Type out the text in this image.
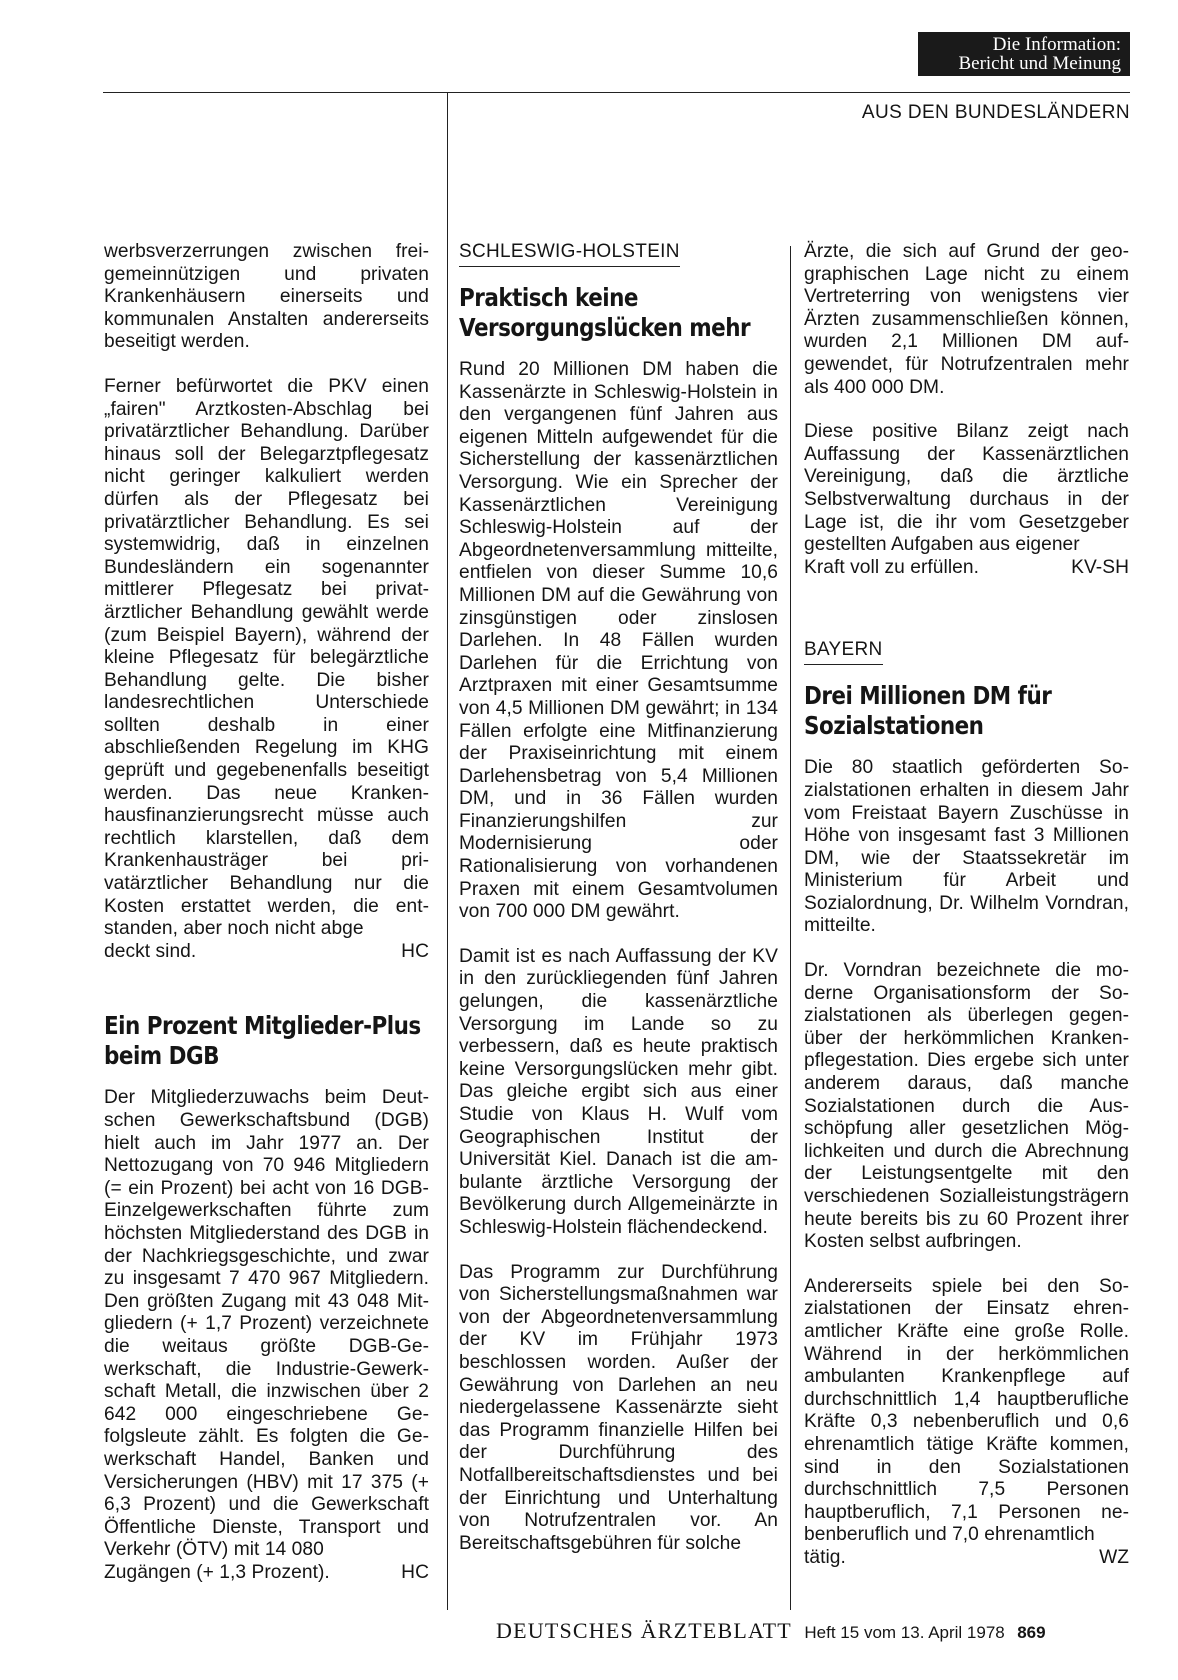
Die Information:
Bericht und Meinung
AUS DEN BUNDESLÄNDERN

werbsverzerrungen zwischen freigemeinnützigen und privaten Krankenhäusern einerseits und kommunalen Anstalten andererseits beseitigt werden.

Ferner befürwortet die PKV einen „fairen" Arztkosten-Abschlag bei privatärztlicher Behandlung. Darüber hinaus soll der Belegarztpflegesatz nicht geringer kalkuliert werden dürfen als der Pflegesatz bei privatärztlicher Behandlung. Es sei systemwidrig, daß in einzelnen Bundesländern ein sogenannter mittlerer Pflegesatz bei privatärztlicher Behandlung gewählt werde (zum Beispiel Bayern), während der kleine Pflegesatz für belegärztliche Behandlung gelte. Die bisher landesrechtlichen Unterschiede sollten deshalb in einer abschließenden Regelung im KHG geprüft und gegebenenfalls beseitigt werden. Das neue Krankenhausfinanzierungsrecht müsse auch rechtlich klarstellen, daß dem Krankenhausträger bei privatärztlicher Behandlung nur die Kosten erstattet werden, die entstanden, aber noch nicht abge

deckt sind.	HC

Ein Prozent Mitglieder-Plus beim DGB

Der Mitgliederzuwachs beim Deutschen Gewerkschaftsbund (DGB) hielt auch im Jahr 1977 an. Der Nettozugang von 70 946 Mitgliedern (= ein Prozent) bei acht von 16 DGB-Einzelgewerkschaften führte zum höchsten Mitgliederstand des DGB in der Nachkriegsgeschichte, und zwar zu insgesamt 7 470 967 Mitgliedern. Den größten Zugang mit 43 048 Mitgliedern (+ 1,7 Prozent) verzeichnete die weitaus größte DGB-Gewerkschaft, die Industrie-Gewerkschaft Metall, die inzwischen über 2 642 000 eingeschriebene Gefolgsleute zählt. Es folgten die Gewerkschaft Handel, Banken und Versicherungen (HBV) mit 17 375 (+ 6,3 Prozent) und die Gewerkschaft Öffentliche Dienste, Transport und Verkehr (ÖTV) mit 14 080

Zugängen (+ 1,3 Prozent).	HC

SCHLESWIG-HOLSTEIN
Praktisch keine Versorgungslücken mehr

Rund 20 Millionen DM haben die Kassenärzte in Schleswig-Holstein in den vergangenen fünf Jahren aus eigenen Mitteln aufgewendet für die Sicherstellung der kassenärztlichen Versorgung. Wie ein Sprecher der Kassenärztlichen Vereinigung Schleswig-Holstein auf der Abgeordnetenversammlung mitteilte, entfielen von dieser Summe 10,6 Millionen DM auf die Gewährung von zinsgünstigen oder zinslosen Darlehen. In 48 Fällen wurden Darlehen für die Errichtung von Arztpraxen mit einer Gesamtsumme von 4,5 Millionen DM gewährt; in 134 Fällen erfolgte eine Mitfinanzierung der Praxiseinrichtung mit einem Darlehensbetrag von 5,4 Millionen DM, und in 36 Fällen wurden Finanzierungshilfen zur Modernisierung oder Rationalisierung von vorhandenen Praxen mit einem Gesamtvolumen von 700 000 DM gewährt.

Damit ist es nach Auffassung der KV in den zurückliegenden fünf Jahren gelungen, die kassenärztliche Versorgung im Lande so zu verbessern, daß es heute praktisch keine Versorgungslücken mehr gibt. Das gleiche ergibt sich aus einer Studie von Klaus H. Wulf vom Geographischen Institut der Universität Kiel. Danach ist die ambulante ärztliche Versorgung der Bevölkerung durch Allgemeinärzte in Schleswig-Holstein flächendeckend.

Das Programm zur Durchführung von Sicherstellungsmaßnahmen war von der Abgeordnetenversammlung der KV im Frühjahr 1973 beschlossen worden. Außer der Gewährung von Darlehen an neu niedergelassene Kassenärzte sieht das Programm finanzielle Hilfen bei der Durchführung des Notfallbereitschaftsdienstes und bei der Einrichtung und Unterhaltung von Notrufzentralen vor. An Bereitschaftsgebühren für solche

Ärzte, die sich auf Grund der geographischen Lage nicht zu einem Vertreterring von wenigstens vier Ärzten zusammenschließen können, wurden 2,1 Millionen DM aufgewendet, für Notrufzentralen mehr als 400 000 DM.

Diese positive Bilanz zeigt nach Auffassung der Kassenärztlichen Vereinigung, daß die ärztliche Selbstverwaltung durchaus in der Lage ist, die ihr vom Gesetzgeber gestellten Aufgaben aus eigener

Kraft voll zu erfüllen.	KV-SH

BAYERN
Drei Millionen DM für Sozialstationen

Die 80 staatlich geförderten Sozialstationen erhalten in diesem Jahr vom Freistaat Bayern Zuschüsse in Höhe von insgesamt fast 3 Millionen DM, wie der Staatssekretär im Ministerium für Arbeit und Sozialordnung, Dr. Wilhelm Vorndran, mitteilte.

Dr. Vorndran bezeichnete die moderne Organisationsform der Sozialstationen als überlegen gegenüber der herkömmlichen Krankenpflegestation. Dies ergebe sich unter anderem daraus, daß manche Sozialstationen durch die Ausschöpfung aller gesetzlichen Möglichkeiten und durch die Abrechnung der Leistungsentgelte mit den verschiedenen Sozialleistungsträgern heute bereits bis zu 60 Prozent ihrer Kosten selbst aufbringen.

Andererseits spiele bei den Sozialstationen der Einsatz ehrenamtlicher Kräfte eine große Rolle. Während in der herkömmlichen ambulanten Krankenpflege auf durchschnittlich 1,4 hauptberufliche Kräfte 0,3 nebenberuflich und 0,6 ehrenamtlich tätige Kräfte kommen, sind in den Sozialstationen durchschnittlich 7,5 Personen hauptberuflich, 7,1 Personen nebenberuflich und 7,0 ehrenamtlich

tätig.	WZ

DEUTSCHES ÄRZTEBLATT Heft 15 vom 13. April 1978 869
